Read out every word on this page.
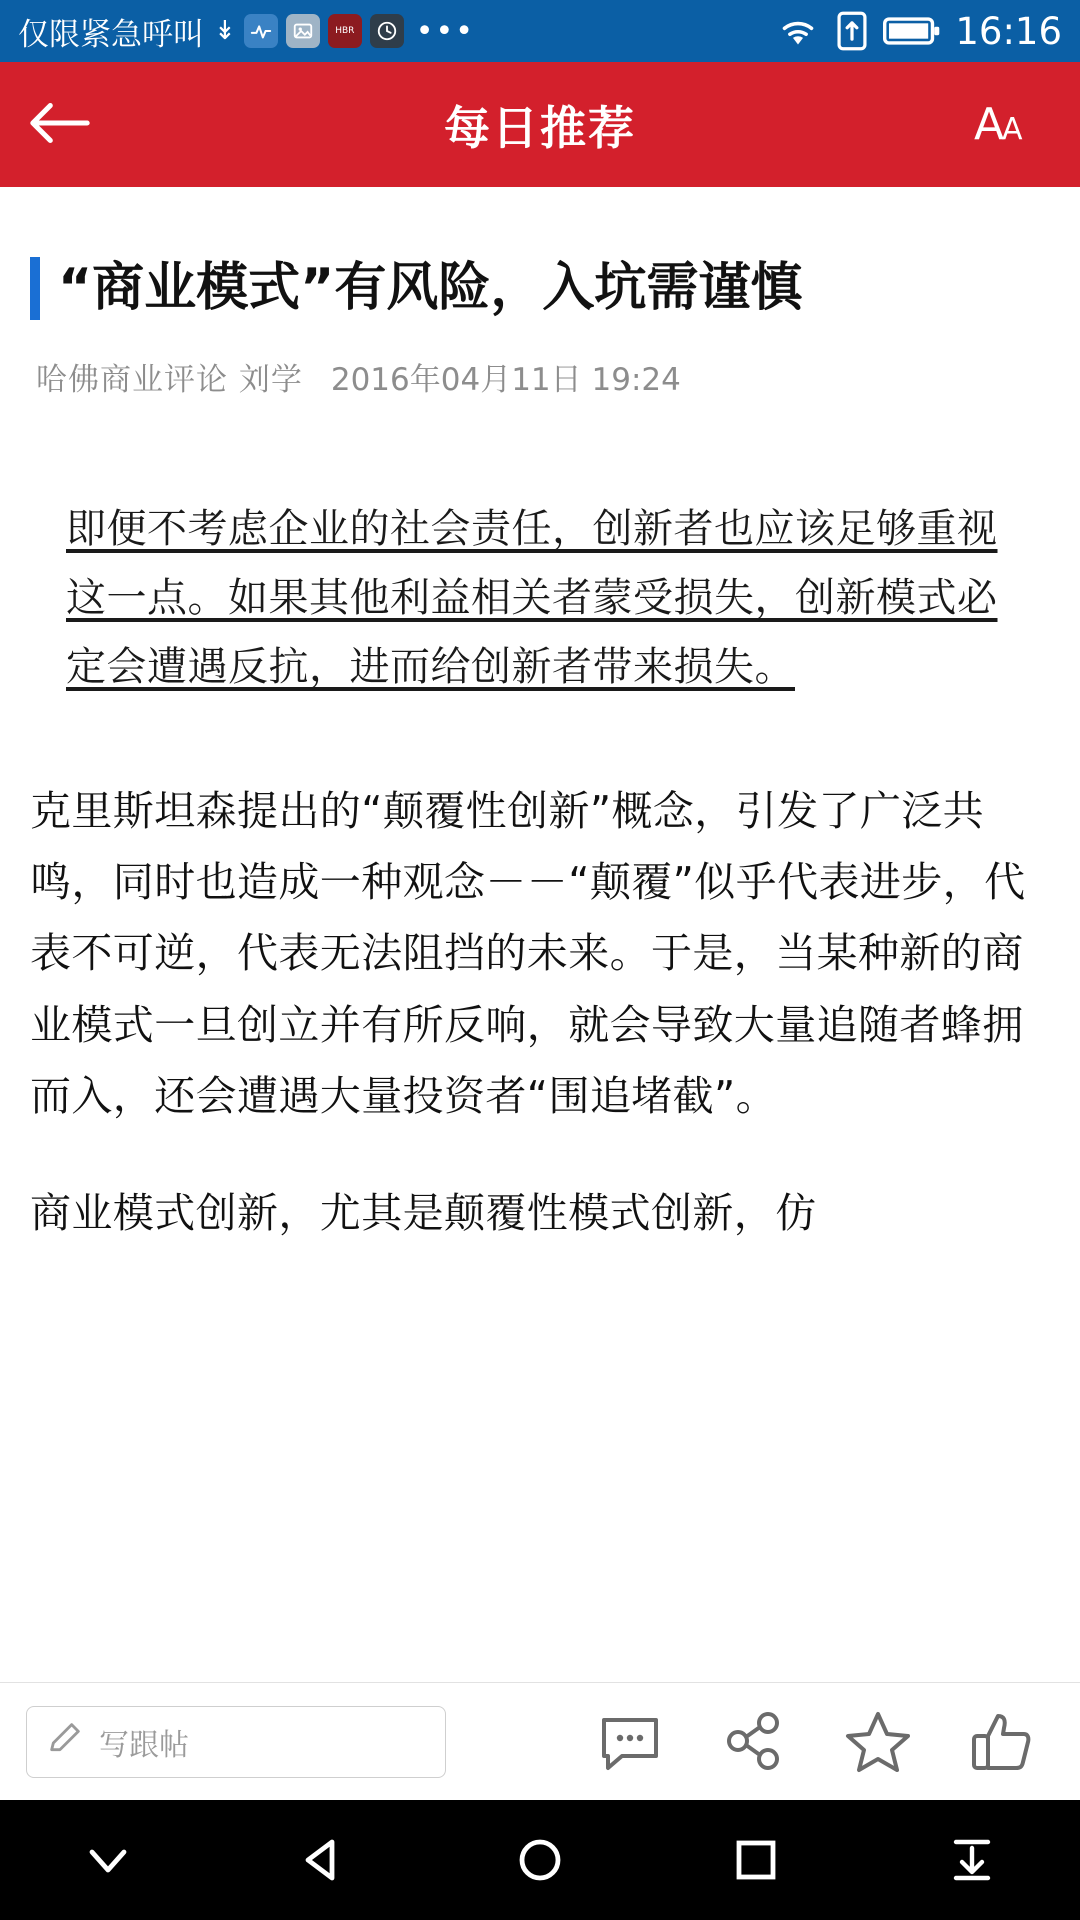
仅限紧急呼叫 ↡	HBR •••	16:16
每日推荐	A
A
“商业模式”有风险，入坑需谨慎
哈佛商业评论 刘学 2016年04月11日 19:24
即便不考虑企业的社会责任，创新者也应该足够重视这一点。如果其他利益相关者蒙受损失，创新模式必定会遭遇反抗，进而给创新者带来损失。
克里斯坦森提出的“颠覆性创新”概念，引发了广泛共鸣，同时也造成一种观念－－“颠覆”似乎代表进步，代表不可逆，代表无法阻挡的未来。于是，当某种新的商业模式一旦创立并有所反响，就会导致大量追随者蜂拥而入，还会遭遇大量投资者“围追堵截”。
商业模式创新，尤其是颠覆性模式创新，仿
写跟帖
